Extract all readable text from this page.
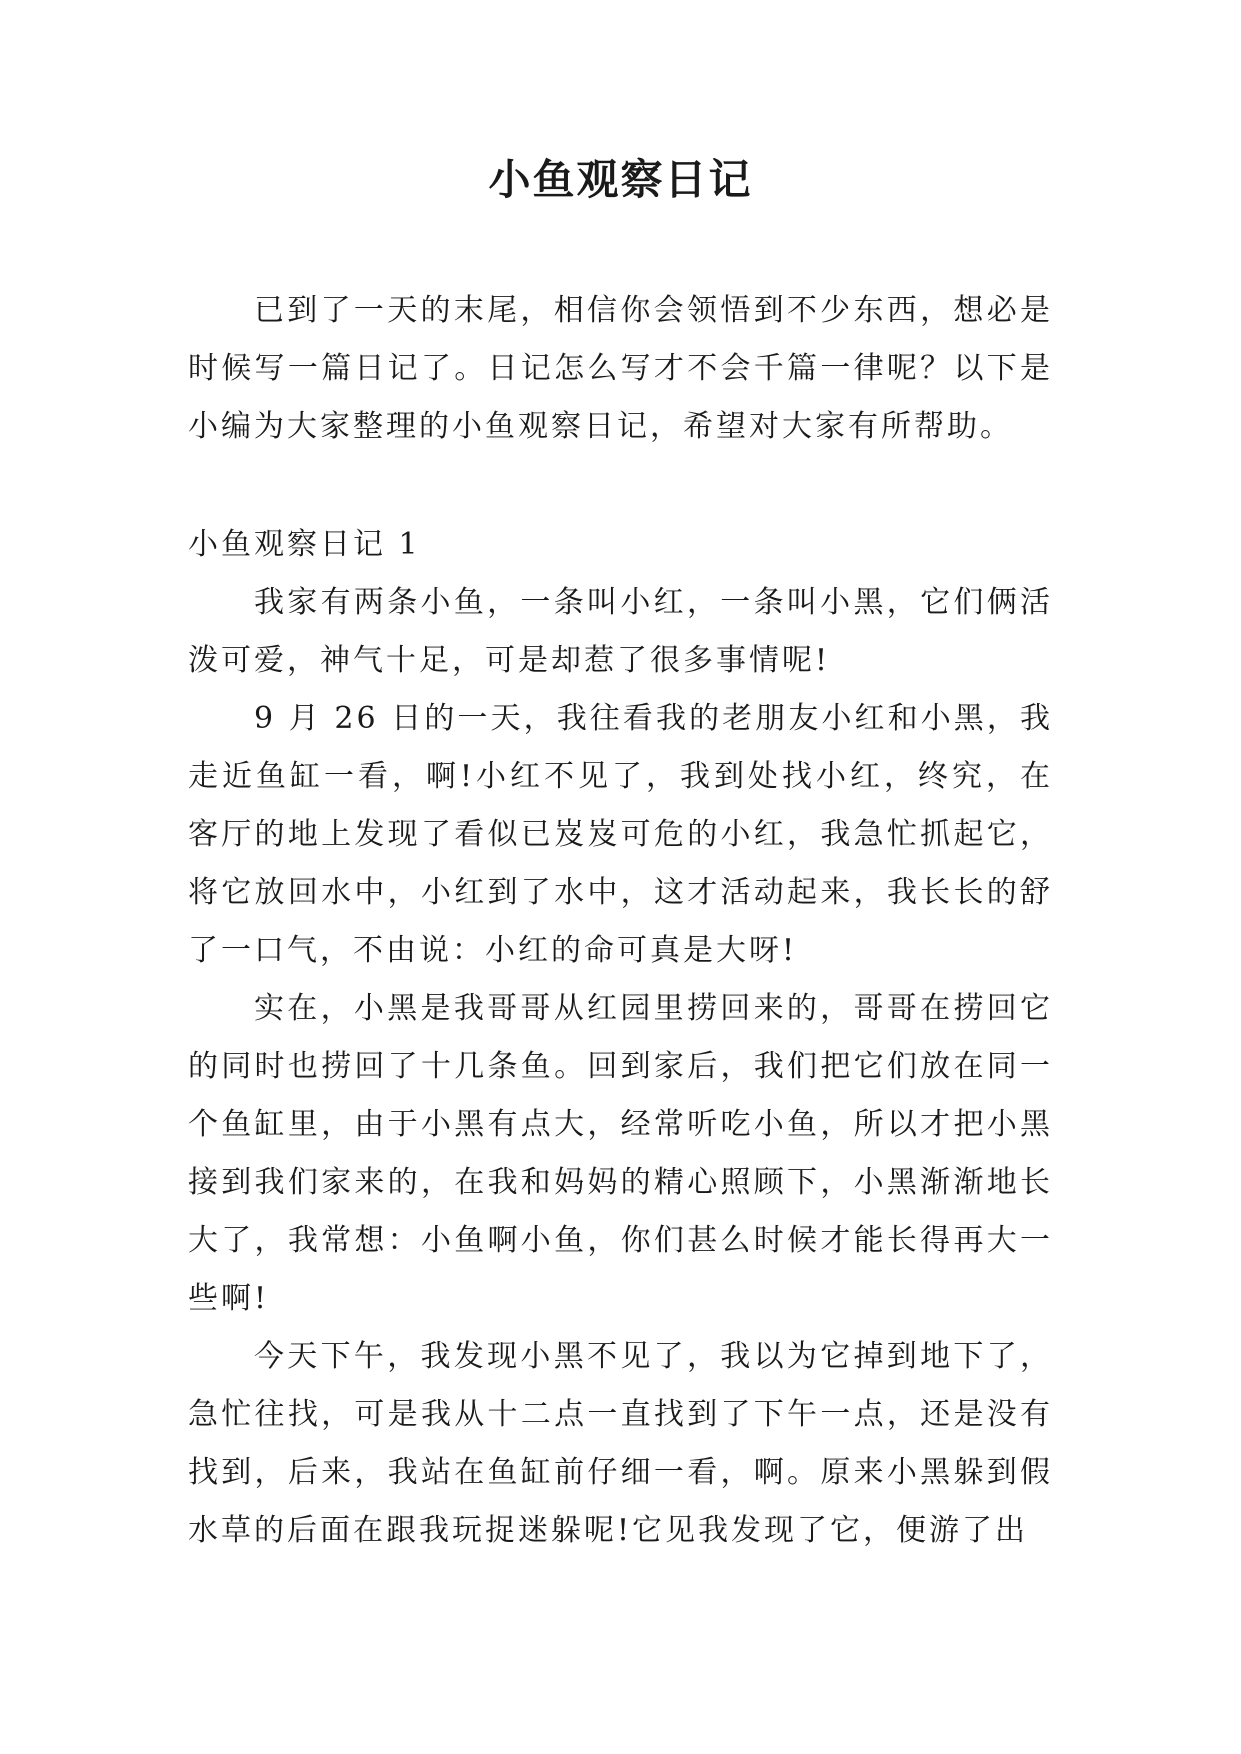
小鱼观察日记

已到了一天的末尾，相信你会领悟到不少东西，想必是时候写一篇日记了。日记怎么写才不会千篇一律呢？以下是小编为大家整理的小鱼观察日记，希望对大家有所帮助。

小鱼观察日记 1

我家有两条小鱼，一条叫小红，一条叫小黑，它们俩活泼可爱，神气十足，可是却惹了很多事情呢!

9 月 26 日的一天，我往看我的老朋友小红和小黑，我走近鱼缸一看，啊!小红不见了，我到处找小红，终究，在客厅的地上发现了看似已岌岌可危的小红，我急忙抓起它，将它放回水中，小红到了水中，这才活动起来，我长长的舒了一口气，不由说：小红的命可真是大呀!

实在，小黑是我哥哥从红园里捞回来的，哥哥在捞回它的同时也捞回了十几条鱼。回到家后，我们把它们放在同一个鱼缸里，由于小黑有点大，经常听吃小鱼，所以才把小黑接到我们家来的，在我和妈妈的精心照顾下，小黑渐渐地长大了，我常想：小鱼啊小鱼，你们甚么时候才能长得再大一些啊!

今天下午，我发现小黑不见了，我以为它掉到地下了，急忙往找，可是我从十二点一直找到了下午一点，还是没有找到，后来，我站在鱼缸前仔细一看，啊。原来小黑躲到假水草的后面在跟我玩捉迷躲呢!它见我发现了它，便游了出
